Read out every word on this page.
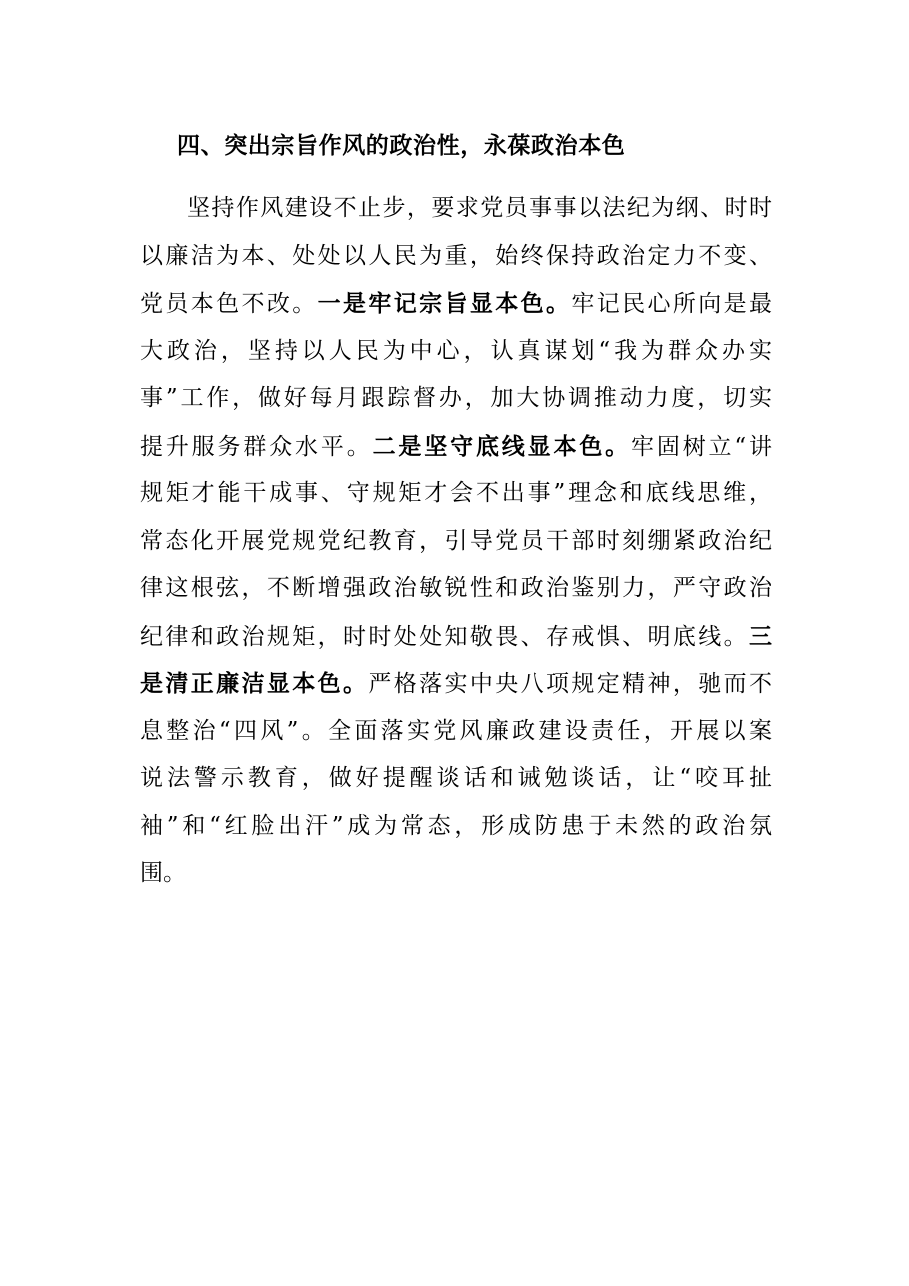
四、突出宗旨作风的政治性，永葆政治本色
坚持作风建设不止步，要求党员事事以法纪为纲、时时
以廉洁为本、处处以人民为重，始终保持政治定力不变、
党员本色不改。一是牢记宗旨显本色。牢记民心所向是最
大政治，坚持以人民为中心，认真谋划“我为群众办实
事”工作，做好每月跟踪督办，加大协调推动力度，切实
提升服务群众水平。二是坚守底线显本色。牢固树立“讲
规矩才能干成事、守规矩才会不出事”理念和底线思维，
常态化开展党规党纪教育，引导党员干部时刻绷紧政治纪
律这根弦，不断增强政治敏锐性和政治鉴别力，严守政治
纪律和政治规矩，时时处处知敬畏、存戒惧、明底线。三
是清正廉洁显本色。严格落实中央八项规定精神，驰而不
息整治“四风”。全面落实党风廉政建设责任，开展以案
说法警示教育，做好提醒谈话和诫勉谈话，让“咬耳扯
袖”和“红脸出汗”成为常态，形成防患于未然的政治氛
围。
